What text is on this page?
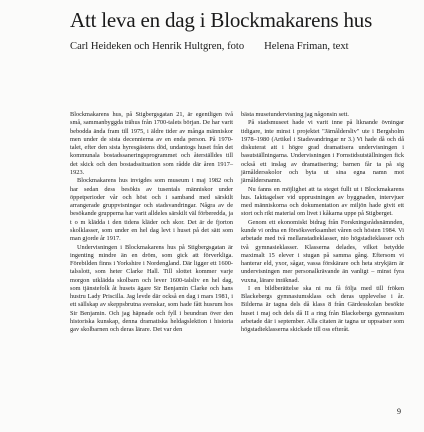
Att leva en dag i Blockmakarens hus
Carl Heideken och Henrik Hultgren, foto Helena Friman, text

Blockmakarens hus, på Stigbergsgatan 21, är egentligen två små, sammanbyggda trähus från 1700-talets början. De har varit bebodda ända fram till 1975, i äldre tider av många människor men under de sista decennierna av en enda person. På 1970-talet, efter den sista hyresgästens död, undantogs huset från det kommunala bostadssaneringsprogrammet och återställdes till det skick och den bostadssituation som rådde där åren 1917–1923.

Blockmakarens hus invigdes som museum i maj 1982 och har sedan dess besökts av tusentals människor under öppetperioder vår och höst och i samband med särskilt arrangerade gruppvisningar och stadsvandringar. Några av de besökande grupperna har varit alldeles särskilt väl förberedda, ja t o m klädda i den tidens kläder och skor. Det är de fjorton skolklasser, som under en hel dag levt i huset på det sätt som man gjorde år 1917.

Undervisningen i Blockmakarens hus på Stigbergsgatan är ingenting mindre än en dröm, som gick att förverkliga. Förebilden finns i Yorkshire i Nordengland. Där ligger ett 1600-talsslott, som heter Clarke Hall. Till slottet kommer varje morgon utklädda skolbarn och lever 1600-talsliv en hel dag, som tjänstefolk åt husets ägare Sir Benjamin Clarke och hans hustru Lady Priscilla. Jag levde där också en dag i mars 1981, i ett sällskap av skeppsbrutna svenskar, som hade fått husrum hos Sir Benjamin. Och jag häpnade och fyll i beundran över den historiska kunskap, denna dramatiska heldagslektion i historia gav skolbarnen och deras lärare. Det var den

bästa museiundervisning jag någonsin sett.

På stadsmuseet hade vi varit inne på liknande övningar tidigare, inte minst i projektet "Järnåldersliv" ute i Bergsholm 1978–1980 (Artikel i Stadsvandringar nr 3.) Vi hade då och då diskuterat att i högre grad dramatisera undervisningen i basutställningarna. Undervisningen i Fornstidsutställningen fick också ett inslag av dramatisering; barnen får ta på sig järnåldersskolor och byta ut sina egna namn mot järnåldersnamn.

Nu fanns en möjlighet att ta steget fullt ut i Blockmakarens hus. Iakttagelser vid upprustningen av byggnaden, intervjuer med människorna och dokumentation av miljön hade givit ett stort och rikt material om livet i kåkarna uppe på Stigberget.

Genom ett ekonomiskt bidrag från Forskningsrådsnämnden, kunde vi ordna en försöksverksamhet våren och hösten 1984. Vi arbetade med två mellanstadieklasser, nio högstadieklasser och två gymnasieklasser. Klasserna delades, vilket betydde maximalt 15 elever i stugan på samma gång. Eftersom vi hanterar eld, yxor, sågar, vassa förskärare och heta strykjärn är undervisningen mer personalkrävande än vanligt – minst fyra vuxna, lärare inräknad.

I en bildberättelse ska ni nu få följa med till fröken Blackebergs gymnasiumsklass och deras upplevelse i år. Bilderna är tagna dels då klass 8 från Gärdesskolan besökte huset i maj och dels då II a ring från Blackebergs gymnasium arbetade där i september. Alla citaten är tagna ur uppsatser som högstadieklasserna skickade till oss efteråt.

9
